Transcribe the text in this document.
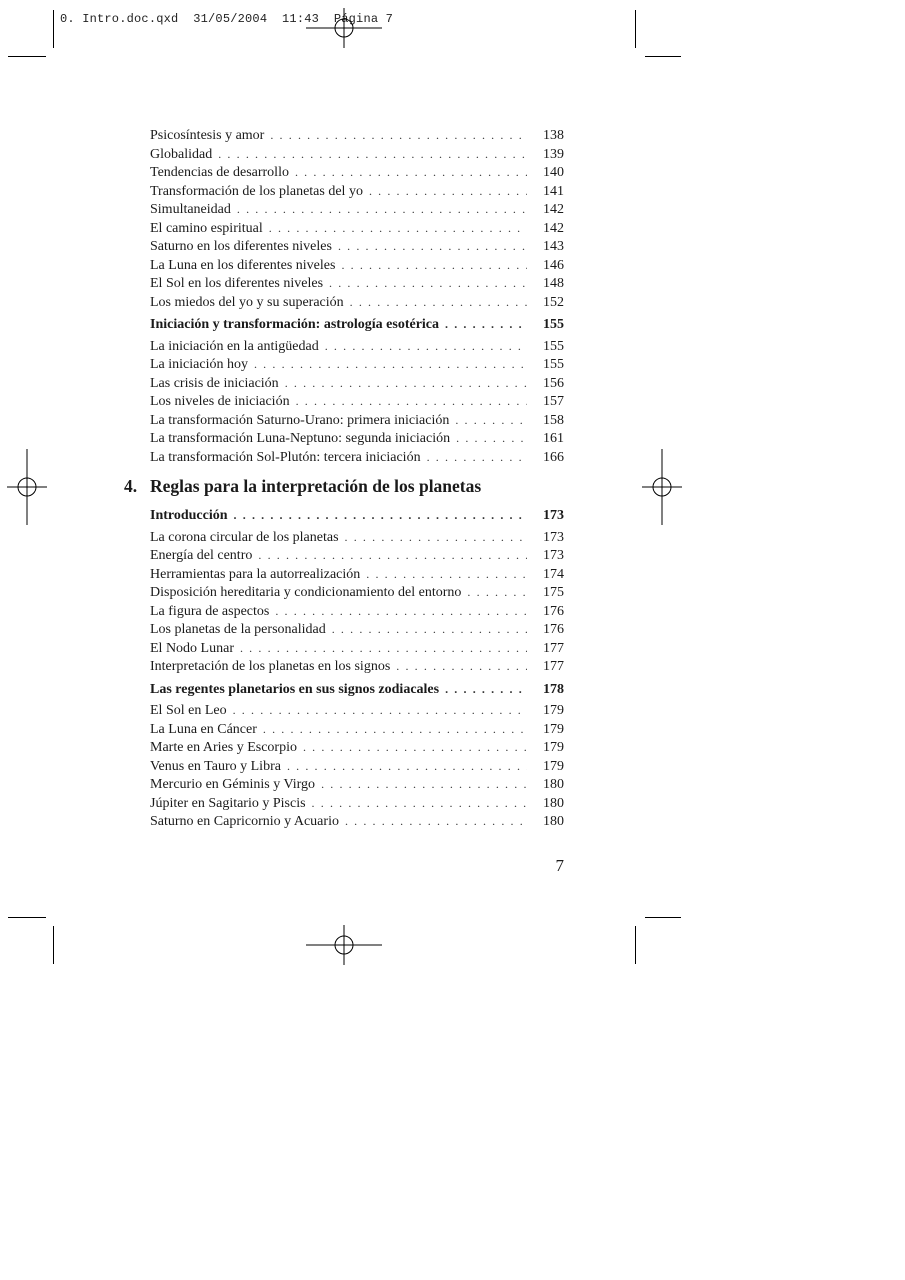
0. Intro.doc.qxd  31/05/2004  11:43  Página 7
Psicosíntesis y amor . . .	138
Globalidad . . .	139
Tendencias de desarrollo . . .	140
Transformación de los planetas del yo . . .	141
Simultaneidad . . .	142
El camino espiritual . . .	142
Saturno en los diferentes niveles . . .	143
La Luna en los diferentes niveles . . .	146
El Sol en los diferentes niveles . . .	148
Los miedos del yo y su superación . . .	152
Iniciación y transformación: astrología esotérica . . .	155
La iniciación en la antigüedad . . .	155
La iniciación hoy . . .	155
Las crisis de iniciación . . .	156
Los niveles de iniciación . . .	157
La transformación Saturno-Urano: primera iniciación . . .	158
La transformación Luna-Neptuno: segunda iniciación . . .	161
La transformación Sol-Plutón: tercera iniciación . . .	166
4. Reglas para la interpretación de los planetas
Introducción . . .	173
La corona circular de los planetas . . .	173
Energía del centro . . .	173
Herramientas para la autorrealización . . .	174
Disposición hereditaria y condicionamiento del entorno . . .	175
La figura de aspectos . . .	176
Los planetas de la personalidad . . .	176
El Nodo Lunar . . .	177
Interpretación de los planetas en los signos . . .	177
Las regentes planetarios en sus signos zodiacales . . .	178
El Sol en Leo . . .	179
La Luna en Cáncer . . .	179
Marte en Aries y Escorpio . . .	179
Venus en Tauro y Libra . . .	179
Mercurio en Géminis y Virgo . . .	180
Júpiter en Sagitario y Piscis . . .	180
Saturno en Capricornio y Acuario . . .	180
7
